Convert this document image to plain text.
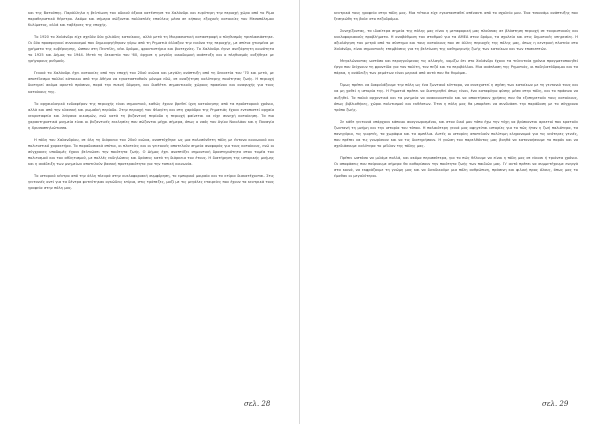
και της Βατούπης. Παράλληλα η βελτίωση του οδικού άξονα κατέστησε τα Χαλάνδρι και ευρύτερη την περιοχή χώρο από το Ρίμα παραθεριστικό θέρετρο. Ακόμα και σήμερα σώζονται πολλαπλές επαύλεις μέσα σε κήπους εξοχικές κατοικίες του Μεσοπόλεμου Κυλίματος, αλλά και ταβέρνες της εποχής.

Το 1920 το Χαλάνδρι είχε σχεδόν δύο χιλιάδες κατοίκους, αλλά μετά τη Μικρασιατική καταστροφή ο πληθυσμός τριπλασιάστηκε. Οι δύο προσφυγικοί συνοικισμοί που δημιουργήθηκαν γύρω από τη Ρηματιά άλλαξαν την εικόνα της περιοχής, με σπίτια χτισμένα με χρήματα της κυβέρνησης, ώσπου στη Πεντέλη, νέοι δρόμοι, φροντιστήρια και βιοτεχνίες. Το Χαλάνδρι έγινε ανεξάρτητη κοινότητα το 1925 και Δήμος το 1944. Μετά τη δεκαετία του '60, άρχισε η μεγάλη οικοδομική ανάπτυξη και ο πληθυσμός αυξήθηκε με γρήγορους ρυθμούς.

Γενικά το Χαλάνδρι έχει κατοικίες από την εποχή του 20ού αιώνα και μεγάλη ανάπτυξη από τη δεκαετία του '70 και μετά, με αποτέλεσμα πολλοί κάτοικοι από την Αθήνα να εγκατασταθούν μόνιμα εδώ, σε αναζήτηση καλύτερης ποιότητας ζωής. Η περιοχή διατηρεί ακόμα αρκετό πράσινο, παρά την πυκνή δόμηση, και διαθέτει σημαντικούς χώρους πρασίνου και αναψυχής για τους κατοίκους της.

Το αρχαιολογικό ενδιαφέρον της περιοχής είναι σημαντικό, καθώς έχουν βρεθεί ίχνη κατοίκησης από τα προϊστορικά χρόνια, αλλά και από την κλασική και ρωμαϊκή περίοδο. Στην περιοχή του Φλογίτη και στη χαράδρα της Ρηματιάς έχουν εντοπιστεί αρχαία νεκροταφεία και λείψανα οικισμών, ενώ κατά τη βυζαντινή περίοδο η περιοχή φαίνεται να είχε συνεχή κατοίκηση. Τα πιο χαρακτηριστικά μνημεία είναι οι βυζαντινές εκκλησίες που σώζονται μέχρι σήμερα, όπως ο ναός του Αγίου Νικολάου και η Παναγία η Χρυσοσπηλιώτισσα.

Η πόλη του Χαλανδρίου, σε όλη τη διάρκεια του 20ού αιώνα, αναπτύχθηκε ως μια πολυσύνθετη πόλη με έντονο κοινωνικό και πολιτιστικό χαρακτήρα. Τα παραδοσιακά σπίτια, οι πλατείες και οι γειτονιές αποτελούν σημεία αναφοράς για τους κατοίκους, ενώ οι σύγχρονες υποδομές έχουν βελτιώσει την ποιότητα ζωής. Ο Δήμος έχει αναπτύξει σημαντική δραστηριότητα στον τομέα του πολιτισμού και του αθλητισμού, με πολλές εκδηλώσεις και δράσεις κατά τη διάρκεια του έτους. Η διατήρηση της ιστορικής μνήμης και η ανάδειξη των μνημείων αποτελούν βασική προτεραιότητα για την τοπική κοινωνία.

Το ιστορικό κέντρο από την άλλη πλευρά στην κυκλοφοριακή συμφόρηση, το εμπορικό μοιραία και τα κτίρια διακατέχονται. Στις γειτονιές αντί για τα δέντρα φυτεύτηκαν ογκώδεις κτίρια, στις τράπεζες, μαζί με τις μεγάλες εταιρείες που έχουν τα κεντρικά τους γραφεία στην πόλη μας.

σελ. 28

κεντρικά τους γραφεία στην πόλη μας. Μια τέτοια είχε εγκατασταθεί απέναντι από το σχολείο μου. Ένα τσουνάμι ανάπτυξης που ξεσηκώθη τη βαλε στο πεζοδρόμιο.

Συνεχίζοντας, τα ιδιαίτερα σημεία της πόλης μας είναι η μεταφορική μας πλούσιας σε βλάστηση περιοχή σε τουριστικούς και κυκλοφοριακούς προβλήματα. Η αναβάθμιση του σταθμού για τα ΑΜΕΑ στον δρόμο, τα σχολεία και στις δημοτικές υπηρεσίες. Η αξιολόγηση του μετρό από το σύστημα και τους κατοίκους που σε άλλες περιοχές της πόλης μας, όπως η κεντρική πλατεία στο Χαλάνδρι, είναι σημαντικές επεμβάσεις για τη βελτίωση της καθημερινής ζωής των κατοίκων και των επισκεπτών.

Μεγαλώνοντας ωστόσο και περιηγούμενος τις αλλαγές, νομίζω ότι στο Χαλάνδρι έχουν τα τελευταία χρόνια πραγματοποιηθεί έργα που δείχνουν τη φροντίδα για τον πολίτη, τον πεζό και το περιβάλλον. Μια ανάπλαση της Ρηματιάς, οι ποδηλατόδρομοι και τα πάρκα, η ανάδειξη των ρεμάτων είναι μερικά από αυτά που θα θυμάμαι.

Όμως πρέπει να διαφυλάξουμε την πόλη ως ένα ζωντανό κύτταρο, να συνεχιστεί η σχέση των κατοίκων με τη γειτονιά τους και να μη χαθεί η ιστορία της. Η Ρηματιά πρέπει να διατηρηθεί όπως είναι, ένα καταφύγιο φύσης μέσα στην πόλη, και το πράσινο να αυξηθεί. Τα παλιά αρχοντικά και τα μνημεία να ανακαινιστούν και να αποκτήσουν χρήσεις που θα εξυπηρετούν τους κατοίκους, όπως βιβλιοθήκες, χώροι πολιτισμού και εκθέσεων. Έτσι η πόλη μας θα μπορέσει να συνδυάσει την παράδοση με το σύγχρονο τρόπο ζωής.

Σε κάθε γειτονιά υπάρχουν κάποιοι αναγνωρισμένοι, και στον δικό μου τόπο έχω την τύχη να βρίσκονται αρκετοί που κρατούν ζωντανή τη μνήμη και την ιστορία του τόπου. Η παλαιότερη γενιά μας αφηγείται ιστορίες για το πώς ήταν η ζωή παλιότερα, τα πανηγύρια, τις γιορτές, τα χωράφια και τα αμπέλια. Αυτές οι ιστορίες αποτελούν πολύτιμη κληρονομιά για τις νεότερες γενιές, που πρέπει να τις γνωρίσουν και να τις διατηρήσουν. Η γνώση του παρελθόντος μας βοηθά να κατανοήσουμε το παρόν και να σχεδιάσουμε καλύτερα το μέλλον της πόλης μας.

Πρέπει ωστόσο να μιλάμε πολλά, και ακόμα περισσότερα, για το πώς θέλουμε να είναι η πόλη μας σε είκοσι ή τριάντα χρόνια. Οι αποφάσεις που παίρνουμε σήμερα θα καθορίσουν την ποιότητα ζωής των παιδιών μας. Γι' αυτό πρέπει να συμμετέχουμε ενεργά στα κοινά, να εκφράζουμε τη γνώμη μας και να διεκδικούμε μια πόλη ανθρώπινη, πράσινη και φιλική προς όλους, όπως μας το έμαθαν οι μεγαλύτεροι.

σελ. 29
